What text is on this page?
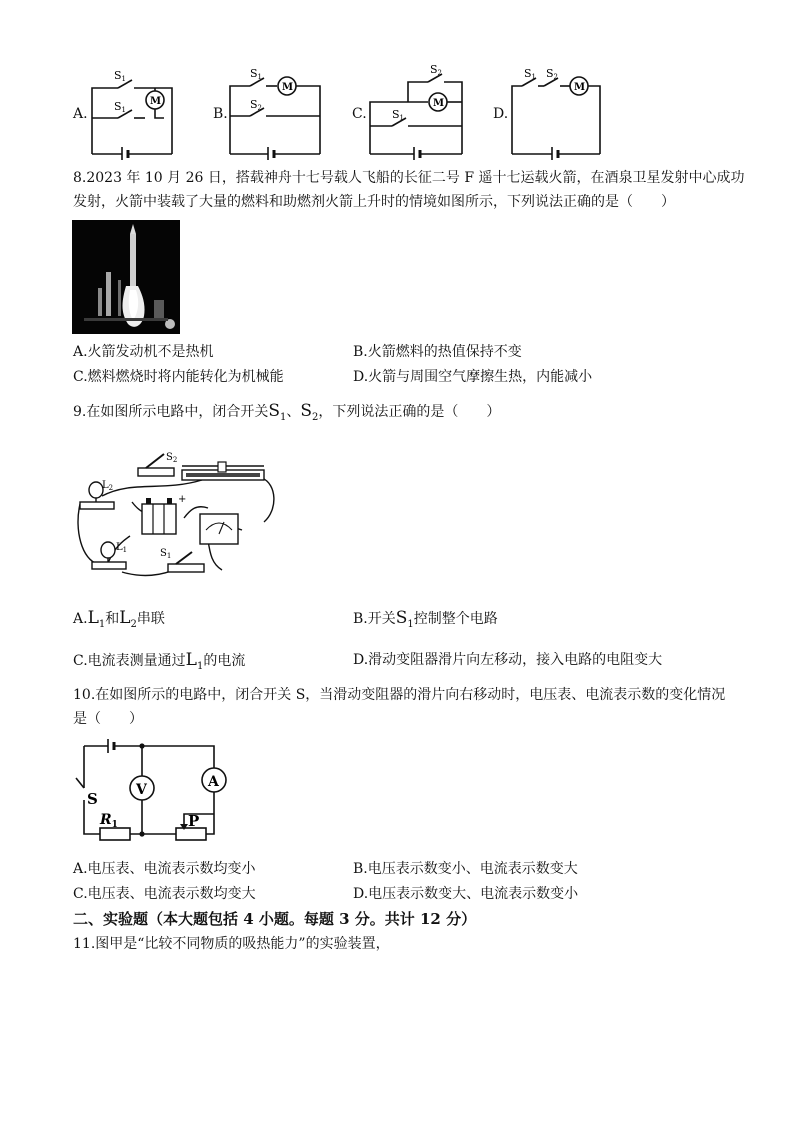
A.
S1
S1
M
B.
S1
S2
M
C.
S2
S1
M
D.
S1 S2
M
8.2023 年 10 月 26 日，搭载神舟十七号载人飞船的长征二号 F 遥十七运载火箭，在酒泉卫星发射中心成功
发射，火箭中装载了大量的燃料和助燃剂火箭上升时的情境如图所示，下列说法正确的是（　　）
A.火箭发动机不是热机	B.火箭燃料的热值保持不变
C.燃料燃烧时将内能转化为机械能	D.火箭与周围空气摩擦生热，内能减小
9.在如图所示电路中，闭合开关$S_1$、$S_2$，下列说法正确的是（　　）
$L_2$
$S_2$
+
$L_1$	$S_1$
$A.L_1$和$L_2$串联	B.开关$S_1$控制整个电路
C.电流表测量通过$L_1$的电流	D.滑动变阻器滑片向左移动，接入电路的电阻变大
10.在如图所示的电路中，闭合开关 S，当滑动变阻器的滑片向右移动时，电压表、电流表示数的变化情况
是（　　）
S
$R_1$	P
V	A
A.电压表、电流表示数均变小	B.电压表示数变小、电流表示数变大
C.电压表、电流表示数均变大	D.电压表示数变大、电流表示数变小
二、实验题（本大题包括 4 小题。每题 3 分。共计 12 分）
11.图甲是“比较不同物质的吸热能力”的实验装置，
